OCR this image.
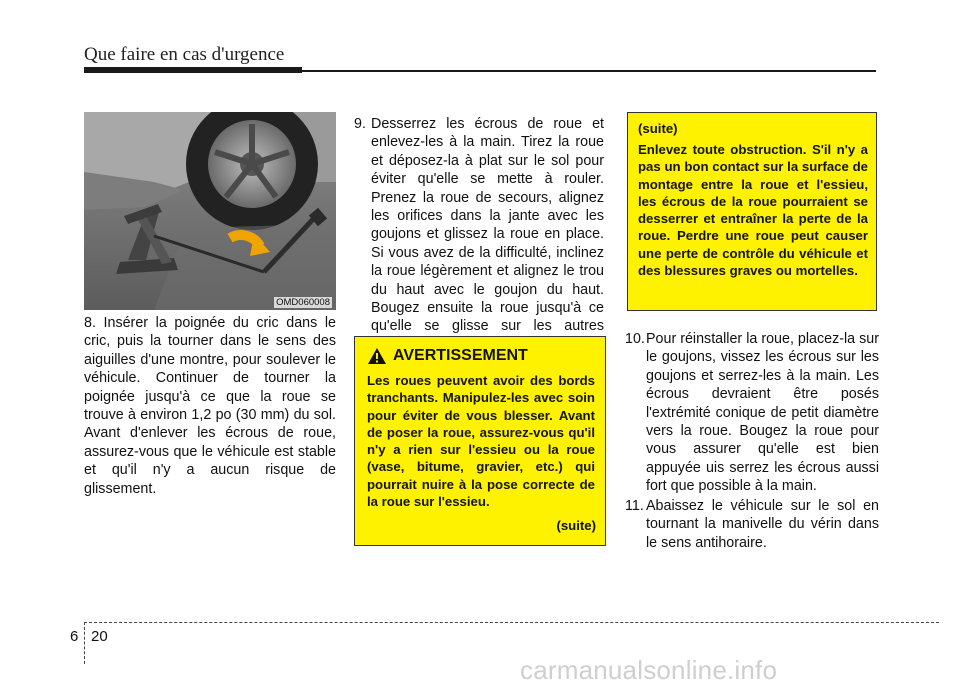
Que faire en cas d'urgence
OMD060008

8. Insérer la poignée du cric dans le cric, puis la tourner dans le sens des aiguilles d'une montre, pour soulever le véhicule. Continuer de tourner la poignée jusqu'à ce que la roue se trouve à environ 1,2 po (30 mm) du sol. Avant d'enlever les écrous de roue, assurez-vous que le véhicule est stable et qu'il n'y a aucun risque de glissement.

9. Desserrez les écrous de roue et enlevez-les à la main. Tirez la roue et déposez-la à plat sur le sol pour éviter qu'elle se mette à rouler. Prenez la roue de secours, alignez les orifices dans la jante avec les goujons et glissez la roue en place. Si vous avez de la difficulté, inclinez la roue légèrement et alignez le trou du haut avec le goujon du haut. Bougez ensuite la roue jusqu'à ce qu'elle se glisse sur les autres
AVERTISSEMENT

Les roues peuvent avoir des bords tranchants. Manipulez-les avec soin pour éviter de vous blesser. Avant de poser la roue, assurez-vous qu'il n'y a rien sur l'essieu ou la roue (vase, bitume, gravier, etc.) qui pourrait nuire à la pose correcte de la roue sur l'essieu.

(suite)
(suite)

Enlevez toute obstruction. S'il n'y a pas un bon contact sur la surface de montage entre la roue et l'essieu, les écrous de la roue pourraient se desserrer et entraîner la perte de la roue. Perdre une roue peut causer une perte de contrôle du véhicule et des blessures graves ou mortelles.

10. Pour réinstaller la roue, placez-la sur le goujons, vissez les écrous sur les goujons et serrez-les à la main. Les écrous devraient être posés l'extrémité conique de petit diamètre vers la roue. Bougez la roue pour vous assurer qu'elle est bien appuyée uis serrez les écrous aussi fort que possible à la main.
11. Abaissez le véhicule sur le sol en tournant la manivelle du vérin dans le sens antihoraire.
6 20
carmanualsonline.info
